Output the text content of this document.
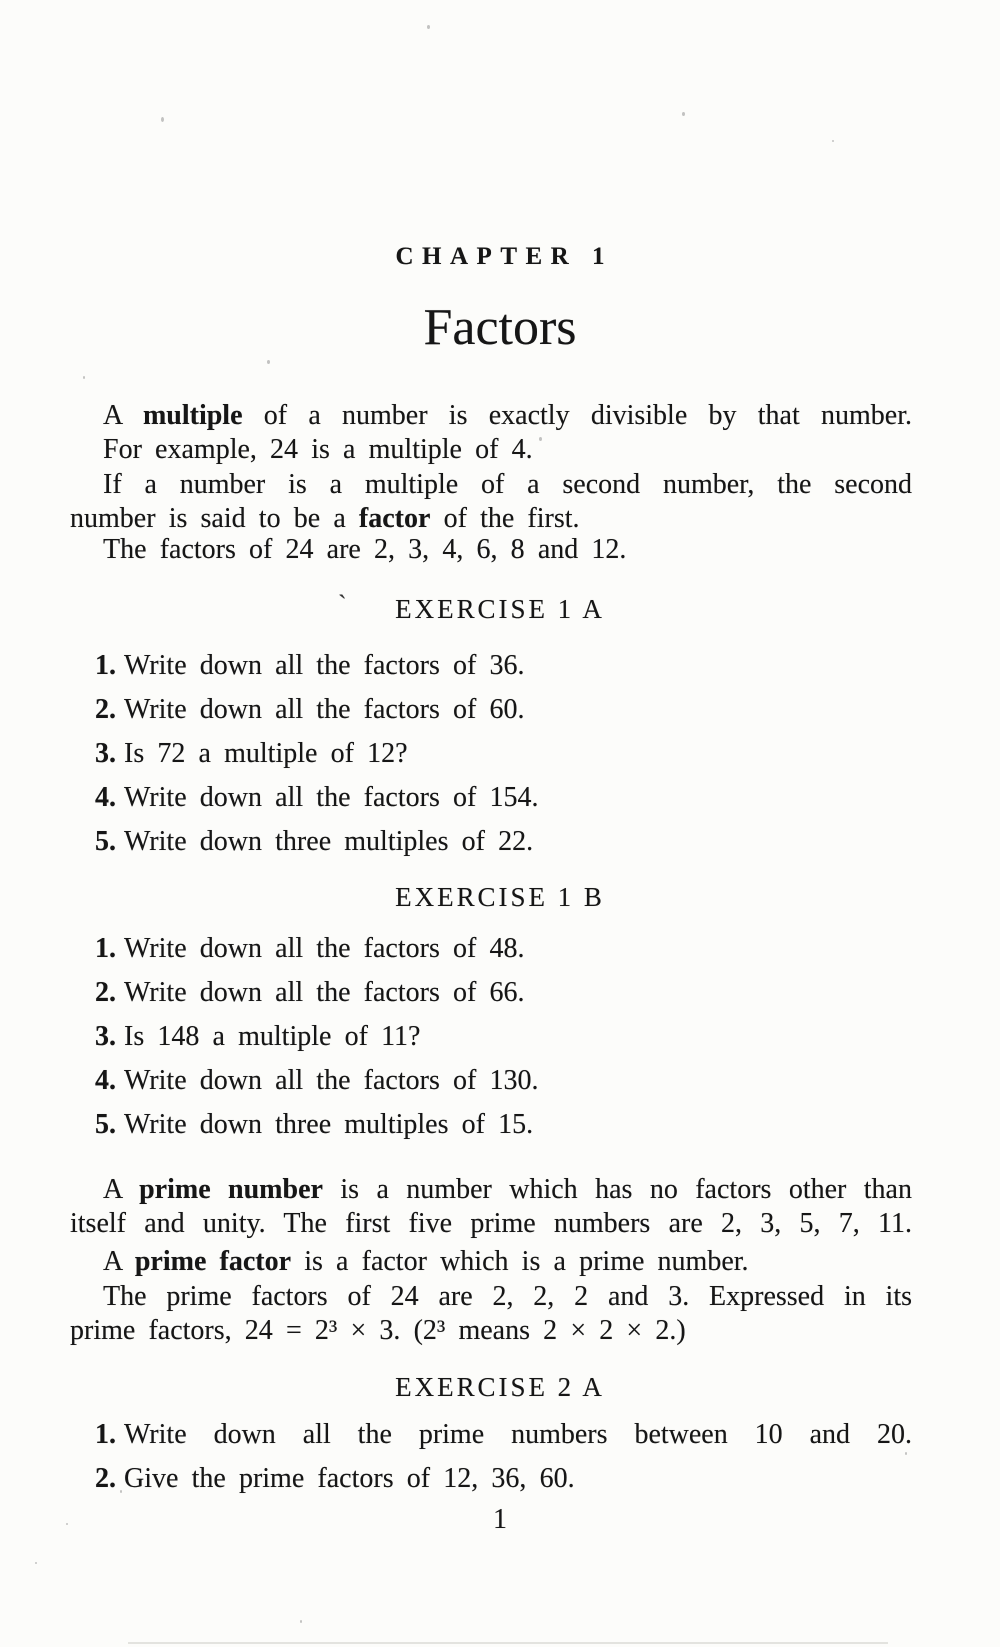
CHAPTER 1
Factors
A multiple of a number is exactly divisible by that number.
For example, 24 is a multiple of 4.
If a number is a multiple of a second number, the second
number is said to be a factor of the first.
The factors of 24 are 2, 3, 4, 6, 8 and 12.
`	EXERCISE 1 A
1. Write down all the factors of 36.
2. Write down all the factors of 60.
3. Is 72 a multiple of 12?
4. Write down all the factors of 154.
5. Write down three multiples of 22.
EXERCISE 1 B
1. Write down all the factors of 48.
2. Write down all the factors of 66.
3. Is 148 a multiple of 11?
4. Write down all the factors of 130.
5. Write down three multiples of 15.
A prime number is a number which has no factors other than
itself and unity. The first five prime numbers are 2, 3, 5, 7, 11.
A prime factor is a factor which is a prime number.
The prime factors of 24 are 2, 2, 2 and 3. Expressed in its
prime factors, 24 = 2³ × 3. (2³ means 2 × 2 × 2.)
EXERCISE 2 A
1. Write down all the prime numbers between 10 and 20.
2. Give the prime factors of 12, 36, 60.
1
